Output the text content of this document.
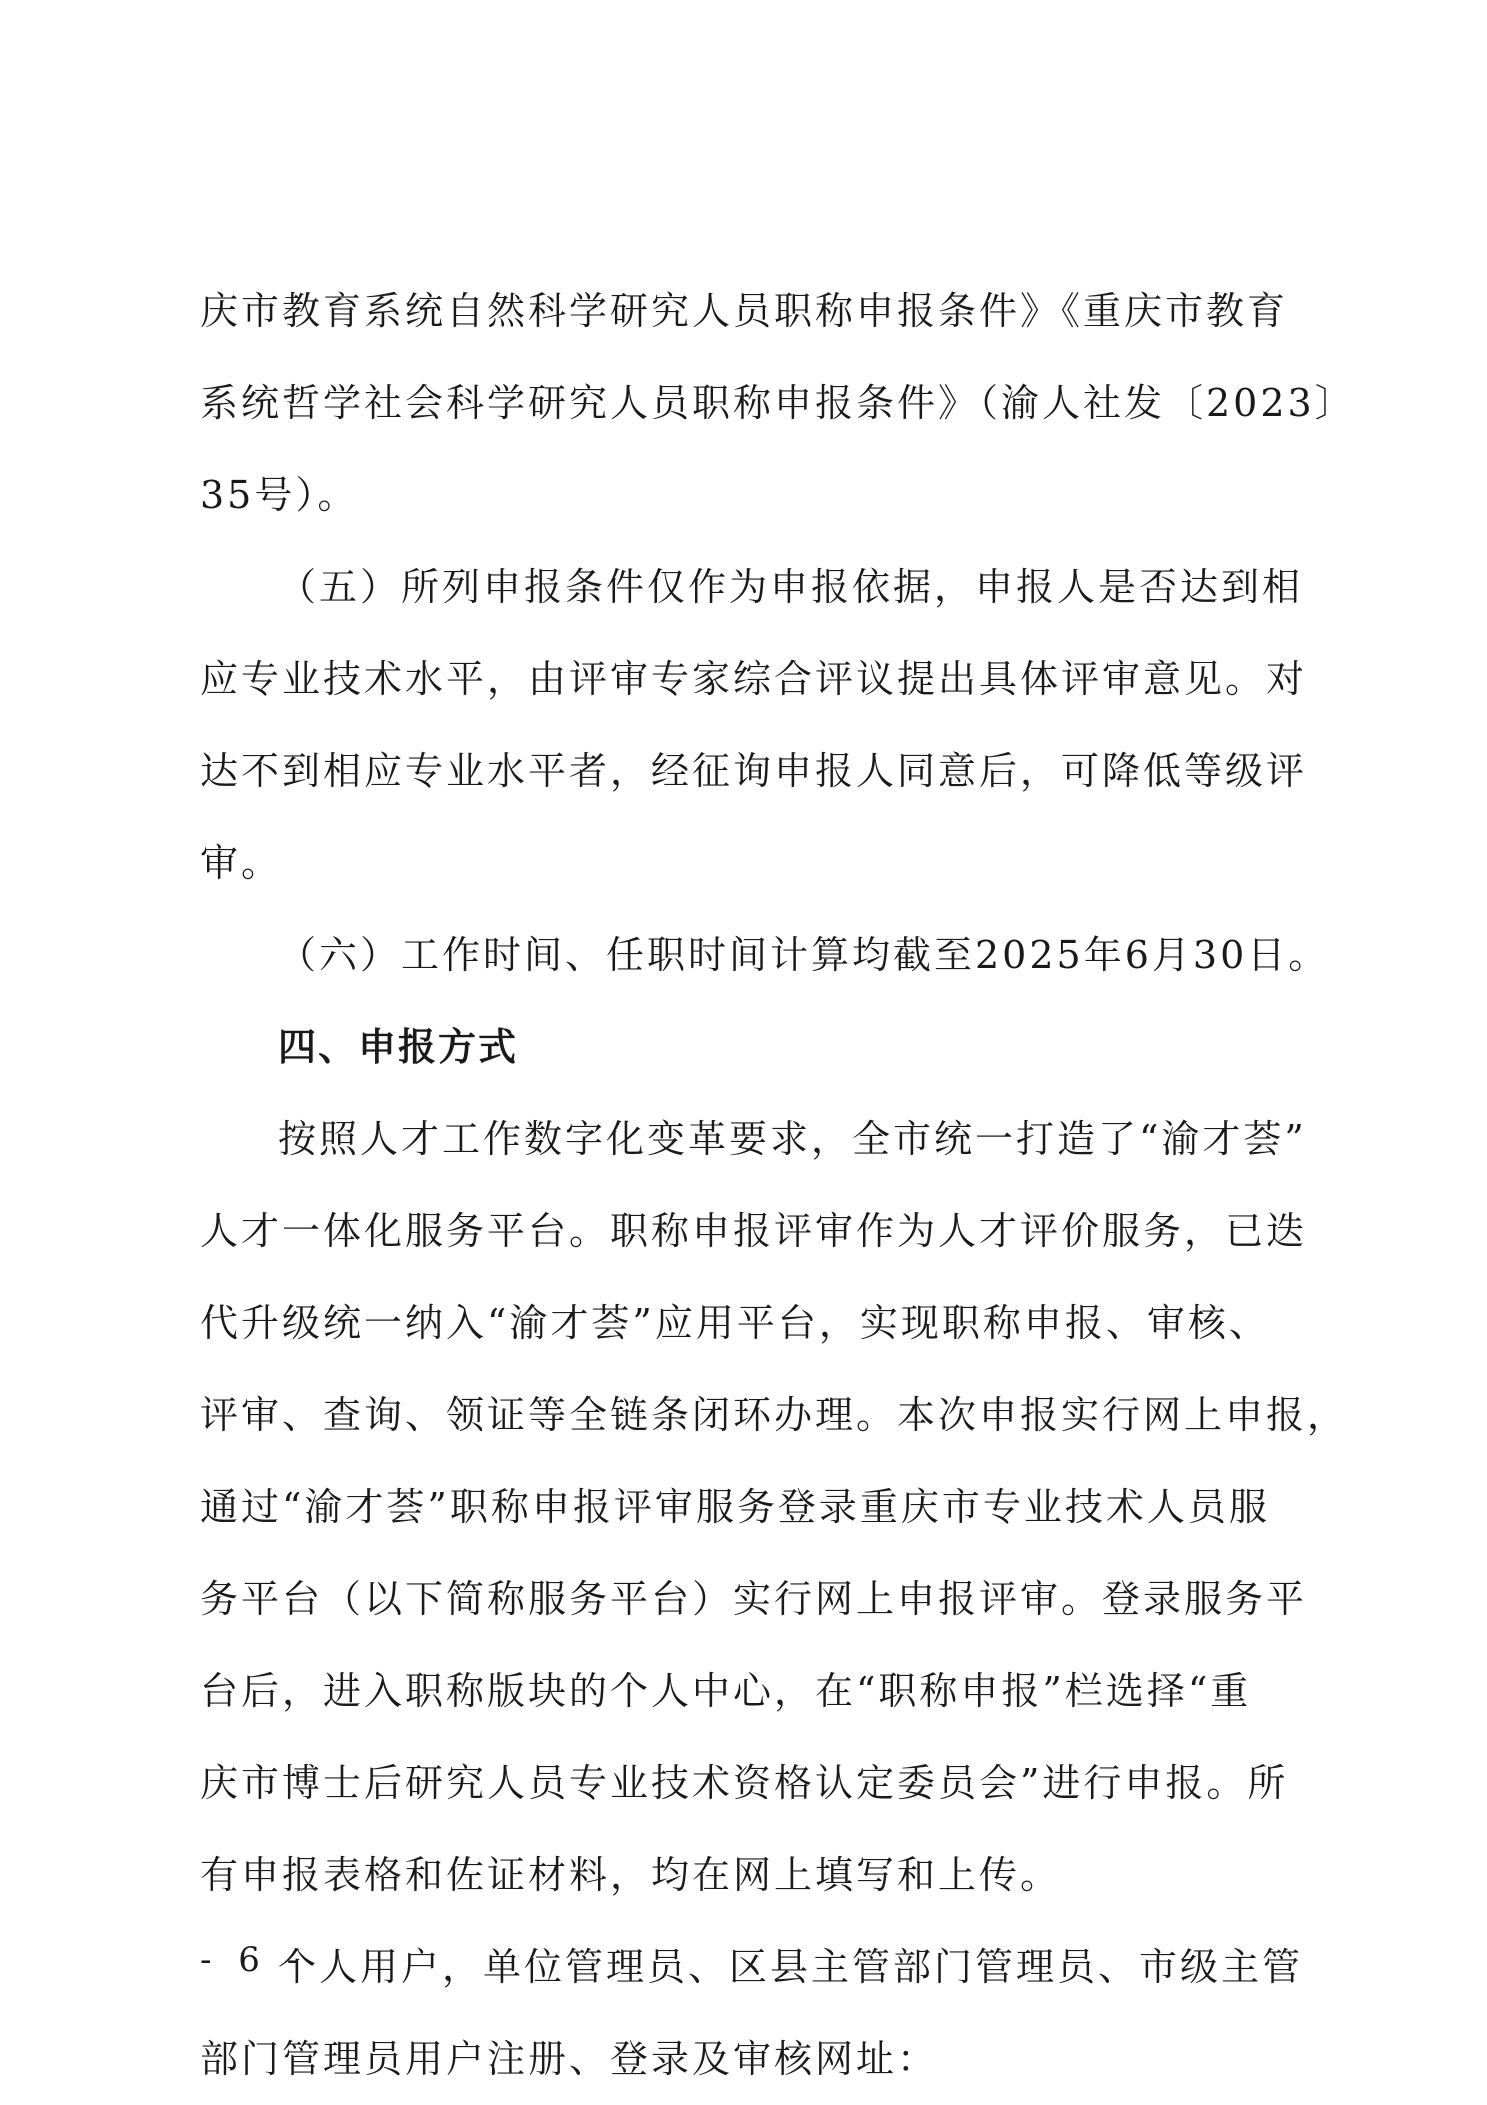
庆市教育系统自然科学研究人员职称申报条件》《重庆市教育
系统哲学社会科学研究人员职称申报条件》（渝人社发〔2023〕
35号）。
（五）所列申报条件仅作为申报依据，申报人是否达到相
应专业技术水平，由评审专家综合评议提出具体评审意见。对
达不到相应专业水平者，经征询申报人同意后，可降低等级评
审。
（六）工作时间、任职时间计算均截至2025年6月30日。
四、申报方式
按照人才工作数字化变革要求，全市统一打造了“渝才荟”
人才一体化服务平台。职称申报评审作为人才评价服务，已迭
代升级统一纳入“渝才荟”应用平台，实现职称申报、审核、
评审、查询、领证等全链条闭环办理。本次申报实行网上申报，
通过“渝才荟”职称申报评审服务登录重庆市专业技术人员服
务平台（以下简称服务平台）实行网上申报评审。登录服务平
台后，进入职称版块的个人中心，在“职称申报”栏选择“重
庆市博士后研究人员专业技术资格认定委员会”进行申报。所
有申报表格和佐证材料，均在网上填写和上传。
个人用户，单位管理员、区县主管部门管理员、市级主管
部门管理员用户注册、登录及审核网址：
- 6 -
